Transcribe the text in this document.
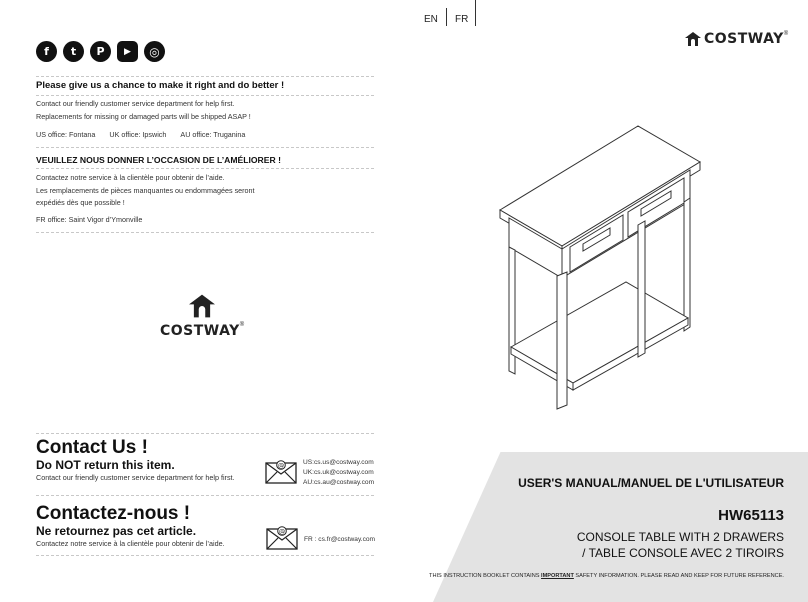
EN FR
f	t	P	▶	◎
COSTWAY ®
Please give us a chance to make it right and do better !
Contact our friendly customer service department for help first.
Replacements for missing or damaged parts will be shipped ASAP !
US office: Fontana UK office: Ipswich AU office: Truganina
VEUILLEZ NOUS DONNER L’OCCASION DE L’AMÉLIORER !
Contactez notre service à la clientèle pour obtenir de l’aide.
Les remplacements de pièces manquantes ou endommagées seront
expédiés dès que possible !
FR office: Saint Vigor d’Ymonville
COSTWAY®
Contact Us !
Do NOT return this item.
Contact our friendly customer service department for help first.
@	US:cs.us@costway.com
UK:cs.uk@costway.com
AU:cs.au@costway.com
Contactez-nous !
Ne retournez pas cet article.
Contactez notre service à la clientèle pour obtenir de l’aide.
@
FR : cs.fr@costway.com
USER'S MANUAL/MANUEL DE L'UTILISATEUR
HW65113
CONSOLE TABLE WITH 2 DRAWERS
/ TABLE CONSOLE AVEC 2 TIROIRS
THIS INSTRUCTION BOOKLET CONTAINS IMPORTANT SAFETY INFORMATION. PLEASE READ AND KEEP FOR FUTURE REFERENCE.
